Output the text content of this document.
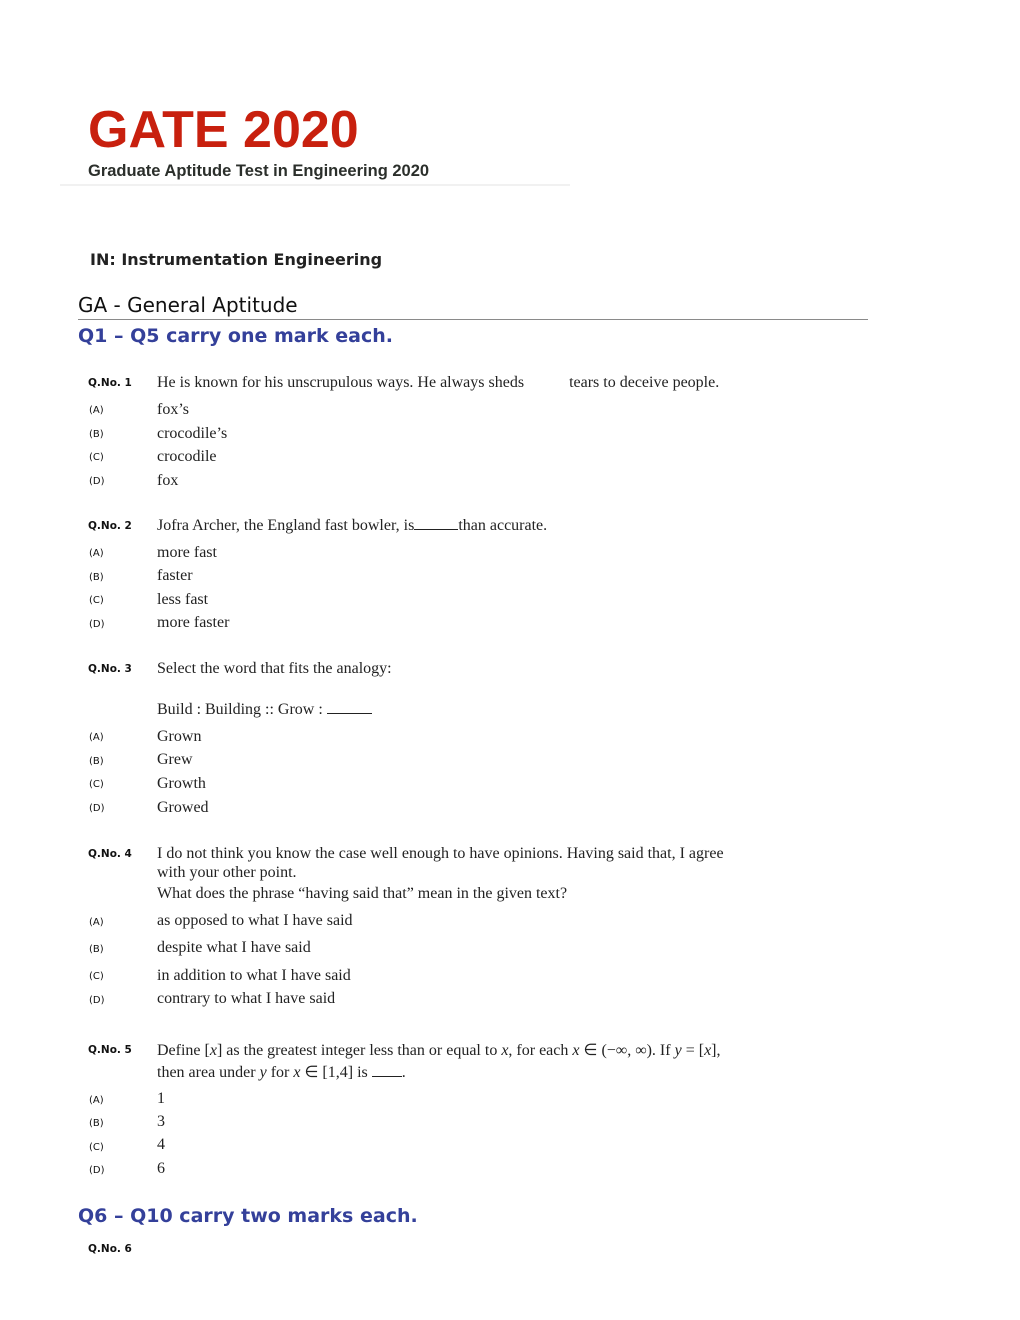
GATE 2020
Graduate Aptitude Test in Engineering 2020
IN: Instrumentation Engineering
GA - General Aptitude
Q1 – Q5 carry one mark each.
Q.No. 1 He is known for his unscrupulous ways. He always sheds	tears to deceive people.
(A)	fox’s
(B)	crocodile’s
(C)	crocodile
(D)	fox
Q.No. 2 Jofra Archer, the England fast bowler, is	than accurate.
(A)	more fast
(B)	faster
(C)	less fast
(D)	more faster
Q.No. 3 Select the word that fits the analogy:
Build : Building :: Grow :
(A)	Grown
(B)	Grew
(C)	Growth
(D)	Growed
Q.No. 4 I do not think you know the case well enough to have opinions. Having said that, I agree
with your other point.
What does the phrase “having said that” mean in the given text?
(A)	as opposed to what I have said
(B)	despite what I have said
(C)	in addition to what I have said
(D)	contrary to what I have said
Q.No. 5 Define [x] as the greatest integer less than or equal to x, for each x ∈ (−∞, ∞). If y = [x],
then area under y for x ∈ [1,4] is .
(A)	1
(B)	3
(C)	4
(D)	6
Q6 – Q10 carry two marks each.
Q.No. 6
